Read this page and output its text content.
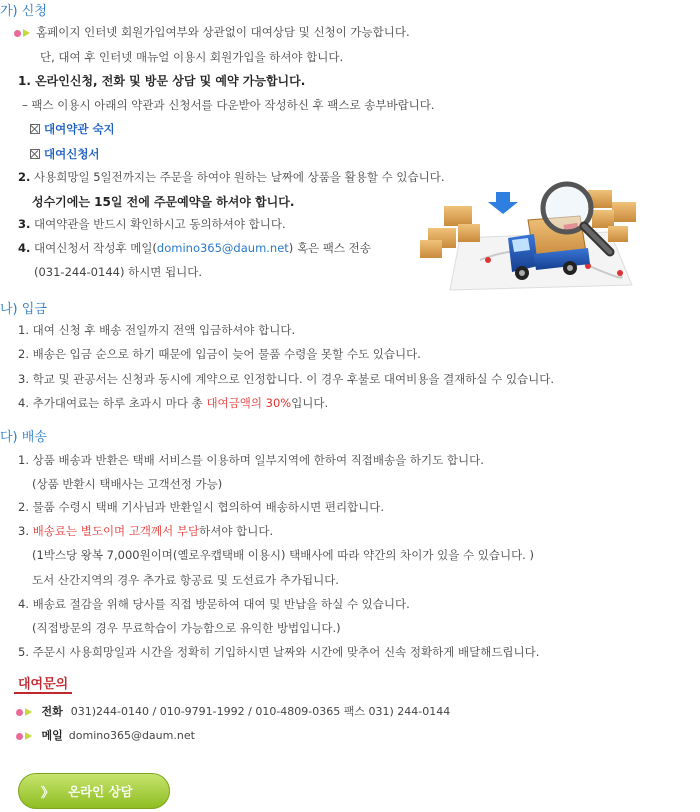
가) 신청
홈페이지 인터넷 회원가입여부와 상관없이 대여상담 및 신청이 가능합니다.
단, 대여 후 인터넷 매뉴얼 이용시 회원가입을 하셔야 합니다.
1. 온라인신청, 전화 및 방문 상담 및 예약 가능합니다.
– 팩스 이용시 아래의 약관과 신청서를 다운받아 작성하신 후 팩스로 송부바랍니다.
대여약관 숙지
대여신청서
2. 사용희망일 5일전까지는 주문을 하여야 원하는 날짜에 상품을 활용할 수 있습니다.
성수기에는 15일 전에 주문예약을 하셔야 합니다.
3. 대여약관을 반드시 확인하시고 동의하셔야 합니다.
4. 대여신청서 작성후 메일(domino365@daum.net) 혹은 팩스 전송
(031-244-0144) 하시면 됩니다.
나) 입금
1. 대여 신청 후 배송 전일까지 전액 입금하셔야 합니다.
2. 배송은 입금 순으로 하기 때문에 입금이 늦어 물품 수령을 못할 수도 있습니다.
3. 학교 및 관공서는 신청과 동시에 계약으로 인정합니다. 이 경우 후불로 대여비용을 결재하실 수 있습니다.
4. 추가대여료는 하루 초과시 마다 총 대여금액의 30%입니다.
다) 배송
1. 상품 배송과 반환은 택배 서비스를 이용하며 일부지역에 한하여 직접배송을 하기도 합니다.
(상품 반환시 택배사는 고객선정 가능)
2. 물품 수령시 택배 기사님과 반환일시 협의하여 배송하시면 편리합니다.
3. 배송료는 별도이며 고객께서 부담하셔야 합니다.
(1박스당 왕복 7,000원이며(옐로우캡택배 이용시) 택배사에 따라 약간의 차이가 있을 수 있습니다. )
도서 산간지역의 경우 추가료 항공료 및 도선료가 추가됩니다.
4. 배송료 절감을 위해 당사를 직접 방문하여 대여 및 반납을 하실 수 있습니다.
(직접방문의 경우 무료학습이 가능함으로 유익한 방법입니다.)
5. 주문시 사용희망일과 시간을 정확히 기입하시면 날짜와 시간에 맞추어 신속 정확하게 배달해드립니다.
대여문의
전화 031)244-0140 / 010-9791-1992 / 010-4809-0365 팩스 031) 244-0144
메일 domino365@daum.net
》 온라인 상담
